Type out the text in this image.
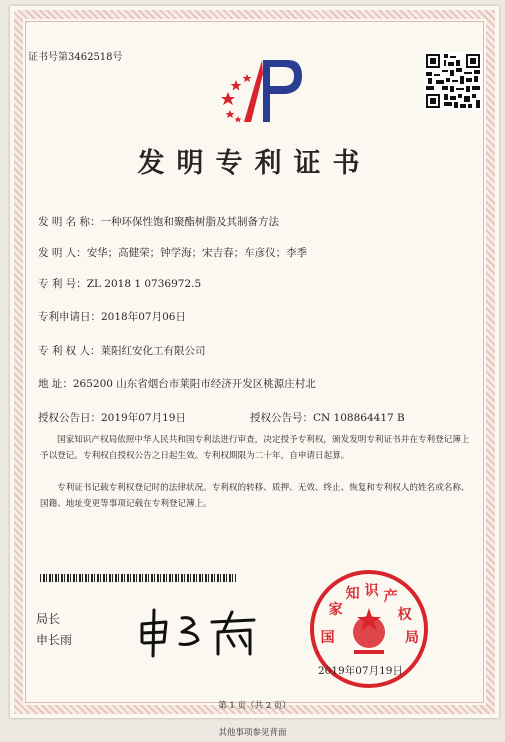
证书号第3462518号
发明专利证书
发 明 名 称：一种环保性饱和聚酯树脂及其制备方法
发 明 人：安华；高健荣；钟学海；宋吉春；车彦仪；李季
专 利 号：ZL 2018 1 0736972.5
专利申请日：2018年07月06日
专 利 权 人：莱阳红安化工有限公司
地 址：265200 山东省烟台市莱阳市经济开发区桃源庄村北
授权公告日：2019年07月19日	授权公告号：CN 108864417 B
国家知识产权局依照中华人民共和国专利法进行审查，决定授予专利权，颁发发明专利证书并在专利登记簿上予以登记。专利权自授权公告之日起生效。专利权期限为二十年，自申请日起算。
专利证书记载专利权登记时的法律状况。专利权的转移、质押、无效、终止、恢复和专利权人的姓名或名称、国籍、地址变更等事项记载在专利登记簿上。
局长
申长雨	国 家 知 识 产 权 局
2019年07月19日
第 1 页（共 2 页）
其他事项参见背面
